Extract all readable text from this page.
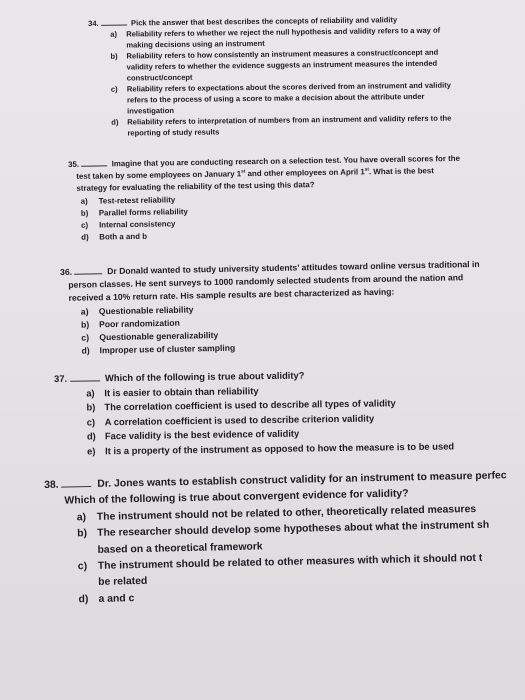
34.	Pick the answer that best describes the concepts of reliability and validity
a) Reliability refers to whether we reject the null hypothesis and validity refers to a way of
making decisions using an instrument
b) Reliability refers to how consistently an instrument measures a construct/concept and
validity refers to whether the evidence suggests an instrument measures the intended
construct/concept
c) Reliability refers to expectations about the scores derived from an instrument and validity
refers to the process of using a score to make a decision about the attribute under
investigation
d) Reliability refers to interpretation of numbers from an instrument and validity refers to the
reporting of study results
35.	Imagine that you are conducting research on a selection test. You have overall scores for the
test taken by some employees on January 1st and other employees on April 1st. What is the best
strategy for evaluating the reliability of the test using this data?
a) Test-retest reliability
b) Parallel forms reliability
c) Internal consistency
d) Both a and b
36.	Dr Donald wanted to study university students’ attitudes toward online versus traditional in
person classes. He sent surveys to 1000 randomly selected students from around the nation and
received a 10% return rate. His sample results are best characterized as having:
a) Questionable reliability
b) Poor randomization
c) Questionable generalizability
d) Improper use of cluster sampling
37.	Which of the following is true about validity?
a) It is easier to obtain than reliability
b) The correlation coefficient is used to describe all types of validity
c) A correlation coefficient is used to describe criterion validity
d) Face validity is the best evidence of validity
e) It is a property of the instrument as opposed to how the measure is to be used
38.	Dr. Jones wants to establish construct validity for an instrument to measure perfec
Which of the following is true about convergent evidence for validity?
a) The instrument should not be related to other, theoretically related measures
b) The researcher should develop some hypotheses about what the instrument sh
based on a theoretical framework
c) The instrument should be related to other measures with which it should not t
be related
d) a and c
